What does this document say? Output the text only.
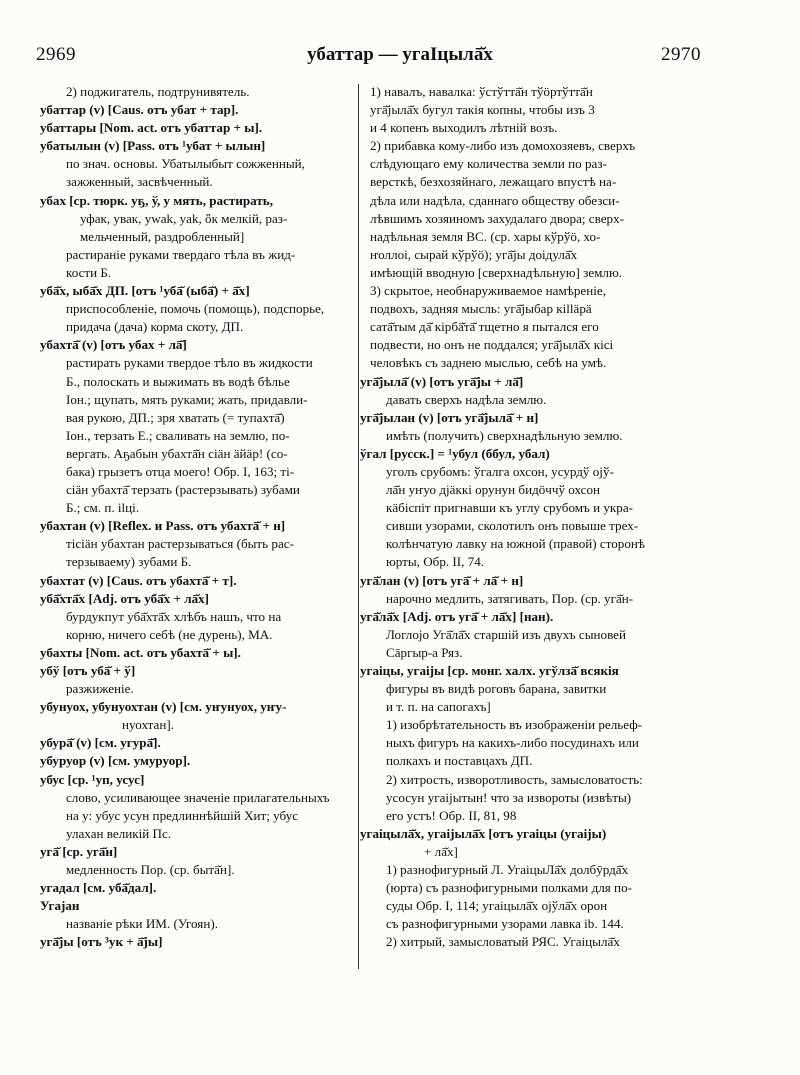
2969	убаттар — угаӀцылā̆х	2970
2) поджигатель, подтрунивятель.
убаттар (v) [Caus. отъ убат + тар].
убаттары [Nom. act. отъ убаттар + ы].
убатылын (v) [Pass. отъ ¹убат + ылын]
по знач. основы. Убатылыбыт сожженный,
зажженный, засвѣченный.
убах [ср. тюрк. уҕ, ў, у мять, растирать,
уфак, увак, ywak, yak, ȫк мелкій, раз-
мельченный, раздробленный]
растираніе руками твердаго тѣла въ жид-
кости Б.
убā̆х, ыбā̆х ДП. [отъ ¹убā̆ (ыбā̆) + ā̆х]
приспособленіе, помочь (помощь), подспорье,
придача (дача) корма скоту, ДП.
убахтā̆ (v) [отъ убах + лā̆]
растирать руками твердое тѣло въ жидкости
Б., полоскать и выжимать въ водѣ бѣлье
Іон.; щупать, мять руками; жать, придавли-
вая рукою, ДП.; зря хватать (= тупахтā̆)
Іон., терзать Е.; сваливать на землю, по-
вергать. Аҕабын убахтā̆н сіäн äйäр! (со-
бака) грызетъ отца моего! Обр. I, 163; ті-
сіäн убахтā̆ терзать (растерзывать) зубами
Б.; см. п. іlці.
убахтан (v) [Reflex. и Pass. отъ убахтā̆ + н]
тісіäн убахтан растерзываться (быть рас-
терзываему) зубами Б.
убахтат (v) [Caus. отъ убахтā̆ + т].
убā̆хтā̆х [Adj. отъ убā̆х + лā̆х]
бурдукпут убā̆хтā̆х хлѣбъ нашъ, что на
корню, ничего себѣ (не дурень), МА.
убахты [Nom. act. отъ убахтā̆ + ы].
убў [отъ убā̆ + ў]
разжиженіе.
убунуох, убунуохтан (v) [см. уҥунуох, уҥу-
нуохтан].
убурā̆ (v) [см. угурā̆].
убуруор (v) [см. умуруор].
убус [ср. ¹уп, усус]
слово, усиливающее значеніе прилагательныхъ
на у: убус усун предлиннѣйшій Хит; убус
улахан великій Пс.
угā̆ [ср. угā̆н]
медленность Пор. (ср. бытā̆н].
угадал [см. убā̆дал].
Угаjан
названіе рѣки ИМ. (Угоян).
угā̆jы [отъ ³ук + ā̆jы]
1) навалъ, навалка: ўстўттā̆н тўöртўттā̆н
угā̆jылā̆х бугул такія копны, чтобы изъ 3
и 4 копенъ выходилъ лѣтній возъ.
2) прибавка кому-либо изъ домохозяевъ, сверхъ
слѣдующаго ему количества земли по раз-
версткѣ, безхозяйнаго, лежащаго впустѣ на-
дѣла или надѣла, сданнаго обществу обезси-
лѣвшимъ хозяиномъ захудалаго двора; сверх-
надѣльная земля ВС. (ср. хары кўрўö, хо-
ҥоллоі, сырай кўрўö); угā̆jы доідулā̆х
имѣющій вводную [сверхнадѣльную] землю.
3) скрытое, необнаруживаемое намѣреніе,
подвохъ, задняя мысль: угā̆jыбар кіlläрä
сатā̆тым дā̆ кірбā̆тā̆ тщетно я пытался его
подвести, но онъ не поддался; угā̆jылā̆х кісі
человѣкъ съ заднею мыслью, себѣ на умѣ.
угā̆jылā̆ (v) [отъ угā̆jы + лā̆]
давать сверхъ надѣла землю.
угā̆jылан (v) [отъ угā̆jылā̆ + н]
имѣть (получить) сверхнадѣльную землю.
ўгал [русск.] = ¹убул (ббул, убал)
уголъ срубомъ: ўгалга охсон, усурдў оjў-
лā̆н уҥуо дjäккі орунун бидöччў охсон
кäбіспіт пригнавши къ углу срубомъ и укра-
сивши узорами, сколотилъ онъ повыше трех-
колѣнчатую лавку на южной (правой) сторонѣ
юрты, Обр. II, 74.
угā̆лан (v) [отъ угā̆ + лā̆ + н]
нарочно медлить, затягивать, Пор. (ср. угā̆н-
угā̆лā̆х [Adj. отъ угā̆ + лā̆х] [нан).
Логлоjо Угā̆лā̆х старшій изъ двухъ сыновей
Сāргыр-а Ряз.
угаіцы, угаіjы [ср. монг. халх. угўлзā̆ всякія
фигуры въ видѣ роговъ барана, завитки
и т. п. на сапогахъ]
1) изобрѣтательность въ изображеніи рельеф-
ныхъ фигуръ на какихъ-либо посудинахъ или
полкахъ и поставцахъ ДП.
2) хитрость, изворотливость, замысловатость:
усосун угаіjытын! что за извороты (извѣты)
его устъ! Обр. II, 81, 98
угаіцылā̆х, угаіjылā̆х [отъ угаіцы (угаіjы)
+ лā̆х]
1) разнофигурный Л. УгаіцыЛā̆х долбӯрдā̆х
(юрта) съ разнофигурными полками для по-
суды Обр. I, 114; угаіцылā̆х оjўлā̆х орон
съ разнофигурными узорами лавка ib. 144.
2) хитрый, замысловатый РЯС. Угаіцылā̆х
